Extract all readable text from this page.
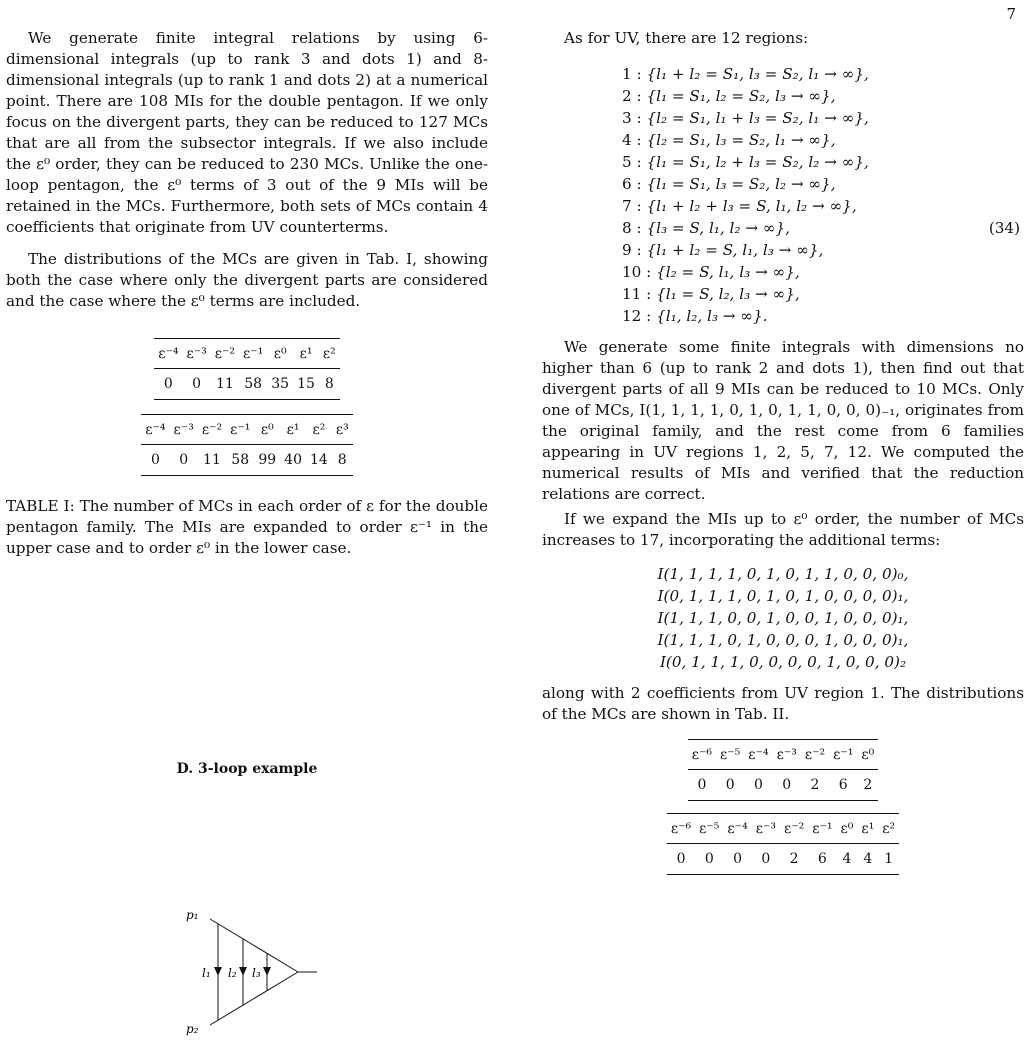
7

We generate finite integral relations by using 6-dimensional integrals (up to rank 3 and dots 1) and 8-dimensional integrals (up to rank 1 and dots 2) at a numerical point. There are 108 MIs for the double pentagon. If we only focus on the divergent parts, they can be reduced to 127 MCs that are all from the subsector integrals. If we also include the ε⁰ order, they can be reduced to 230 MCs. Unlike the one-loop pentagon, the ε⁰ terms of 3 out of the 9 MIs will be retained in the MCs. Furthermore, both sets of MCs contain 4 coefficients that originate from UV counterterms.

The distributions of the MCs are given in Tab. I, showing both the case where only the divergent parts are considered and the case where the ε⁰ terms are included.

ε⁻⁴	ε⁻³	ε⁻²	ε⁻¹	ε⁰	ε¹	ε²
0	0	11	58	35	15	8
ε⁻⁴	ε⁻³	ε⁻²	ε⁻¹	ε⁰	ε¹	ε²	ε³
0	0	11	58	99	40	14	8
TABLE I: The number of MCs in each order of ε for the double pentagon family. The MIs are expanded to order ε⁻¹ in the upper case and to order ε⁰ in the lower case.
D. 3-loop example
p₁
p₂
l₁ l₂ l₃

As for UV, there are 12 regions:

1 : {l₁ + l₂ = S₁, l₃ = S₂, l₁ → ∞},
2 : {l₁ = S₁, l₂ = S₂, l₃ → ∞},
3 : {l₂ = S₁, l₁ + l₃ = S₂, l₁ → ∞},
4 : {l₂ = S₁, l₃ = S₂, l₁ → ∞},
5 : {l₁ = S₁, l₂ + l₃ = S₂, l₂ → ∞},
6 : {l₁ = S₁, l₃ = S₂, l₂ → ∞},
7 : {l₁ + l₂ + l₃ = S, l₁, l₂ → ∞},
8 : {l₃ = S, l₁, l₂ → ∞},
9 : {l₁ + l₂ = S, l₁, l₃ → ∞},
10 : {l₂ = S, l₁, l₃ → ∞},
11 : {l₁ = S, l₂, l₃ → ∞},
12 : {l₁, l₂, l₃ → ∞}.
(34)

We generate some finite integrals with dimensions no higher than 6 (up to rank 2 and dots 1), then find out that divergent parts of all 9 MIs can be reduced to 10 MCs. Only one of MCs, I(1, 1, 1, 1, 0, 1, 0, 1, 1, 0, 0, 0)₋₁, originates from the original family, and the rest come from 6 families appearing in UV regions 1, 2, 5, 7, 12. We computed the numerical results of MIs and verified that the reduction relations are correct.

If we expand the MIs up to ε⁰ order, the number of MCs increases to 17, incorporating the additional terms:

I(1, 1, 1, 1, 0, 1, 0, 1, 1, 0, 0, 0)₀,
I(0, 1, 1, 1, 0, 1, 0, 1, 0, 0, 0, 0)₁,
I(1, 1, 1, 0, 0, 1, 0, 0, 1, 0, 0, 0)₁,
I(1, 1, 1, 0, 1, 0, 0, 0, 1, 0, 0, 0)₁,
I(0, 1, 1, 1, 0, 0, 0, 0, 1, 0, 0, 0)₂

along with 2 coefficients from UV region 1. The distributions of the MCs are shown in Tab. II.

ε⁻⁶	ε⁻⁵	ε⁻⁴	ε⁻³	ε⁻²	ε⁻¹	ε⁰
0	0	0	0	2	6	2
ε⁻⁶	ε⁻⁵	ε⁻⁴	ε⁻³	ε⁻²	ε⁻¹	ε⁰	ε¹	ε²
0	0	0	0	2	6	4	4	1
